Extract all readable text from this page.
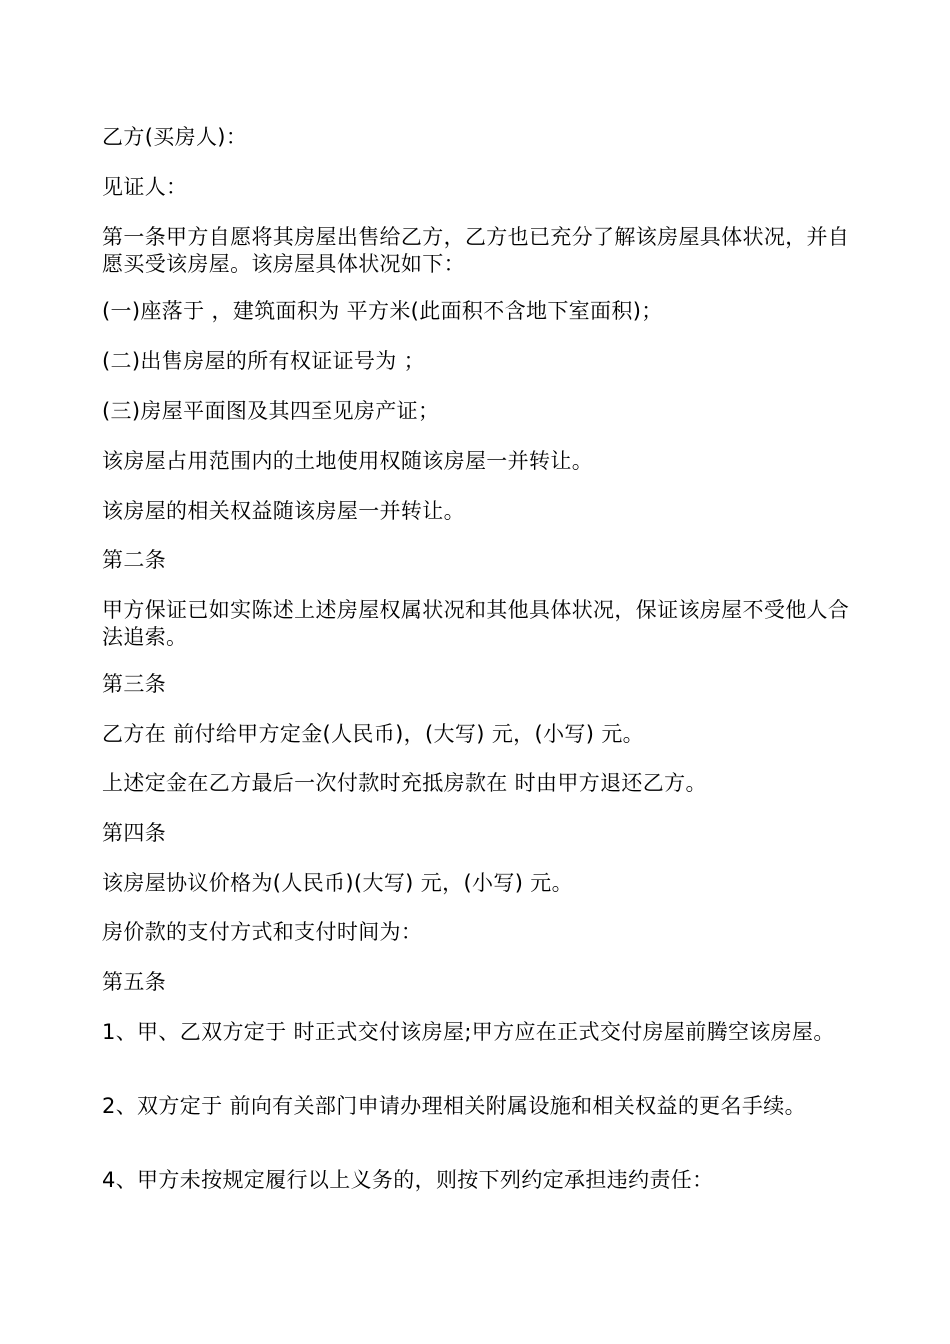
乙方(买房人)：

见证人：

第一条甲方自愿将其房屋出售给乙方，乙方也已充分了解该房屋具体状况，并自愿买受该房屋。该房屋具体状况如下：

(一)座落于 ，建筑面积为 平方米(此面积不含地下室面积)；

(二)出售房屋的所有权证证号为 ；

(三)房屋平面图及其四至见房产证；

该房屋占用范围内的土地使用权随该房屋一并转让。

该房屋的相关权益随该房屋一并转让。

第二条

甲方保证已如实陈述上述房屋权属状况和其他具体状况，保证该房屋不受他人合法追索。

第三条

乙方在 前付给甲方定金(人民币)，(大写) 元，(小写) 元。

上述定金在乙方最后一次付款时充抵房款在 时由甲方退还乙方。

第四条

该房屋协议价格为(人民币)(大写) 元，(小写) 元。

房价款的支付方式和支付时间为：

第五条

1、甲、乙双方定于 时正式交付该房屋;甲方应在正式交付房屋前腾空该房屋。

2、双方定于 前向有关部门申请办理相关附属设施和相关权益的更名手续。

4、甲方未按规定履行以上义务的，则按下列约定承担违约责任：
